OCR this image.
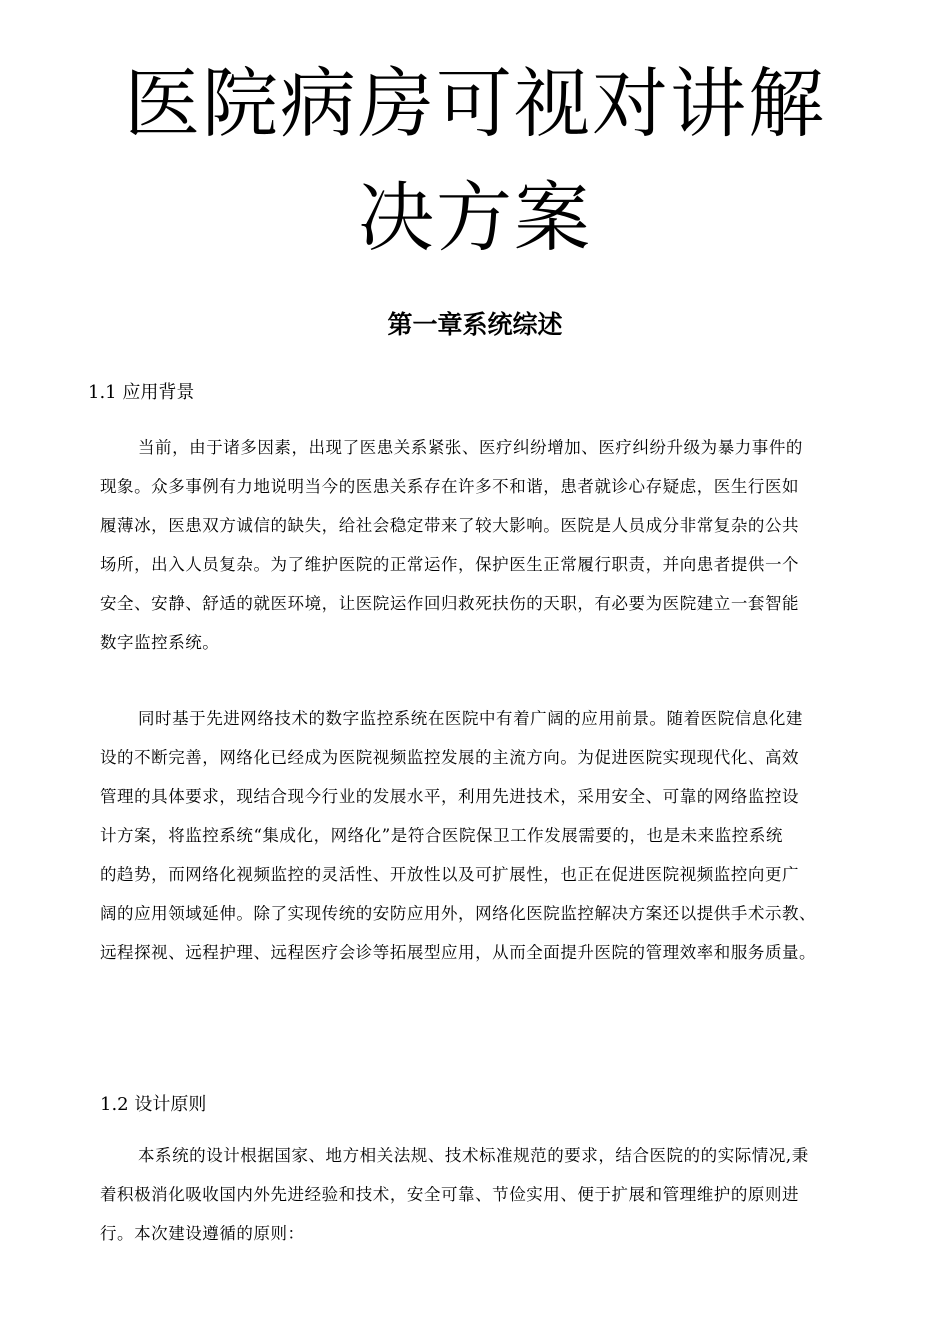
医院病房可视对讲解
决方案
第一章系统综述
1.1 应用背景
当前，由于诸多因素，出现了医患关系紧张、医疗纠纷增加、医疗纠纷升级为暴力事件的
现象。众多事例有力地说明当今的医患关系存在许多不和谐，患者就诊心存疑虑，医生行医如
履薄冰，医患双方诚信的缺失，给社会稳定带来了较大影响。医院是人员成分非常复杂的公共
场所，出入人员复杂。为了维护医院的正常运作，保护医生正常履行职责，并向患者提供一个
安全、安静、舒适的就医环境，让医院运作回归救死扶伤的天职，有必要为医院建立一套智能
数字监控系统。
同时基于先进网络技术的数字监控系统在医院中有着广阔的应用前景。随着医院信息化建
设的不断完善，网络化已经成为医院视频监控发展的主流方向。为促进医院实现现代化、高效
管理的具体要求，现结合现今行业的发展水平，利用先进技术，采用安全、可靠的网络监控设
计方案，将监控系统“集成化，网络化”是符合医院保卫工作发展需要的，也是未来监控系统
的趋势，而网络化视频监控的灵活性、开放性以及可扩展性，也正在促进医院视频监控向更广
阔的应用领域延伸。除了实现传统的安防应用外，网络化医院监控解决方案还以提供手术示教、
远程探视、远程护理、远程医疗会诊等拓展型应用，从而全面提升医院的管理效率和服务质量。
1.2 设计原则
本系统的设计根据国家、地方相关法规、技术标准规范的要求，结合医院的的实际情况,秉
着积极消化吸收国内外先进经验和技术，安全可靠、节俭实用、便于扩展和管理维护的原则进
行。本次建设遵循的原则：
